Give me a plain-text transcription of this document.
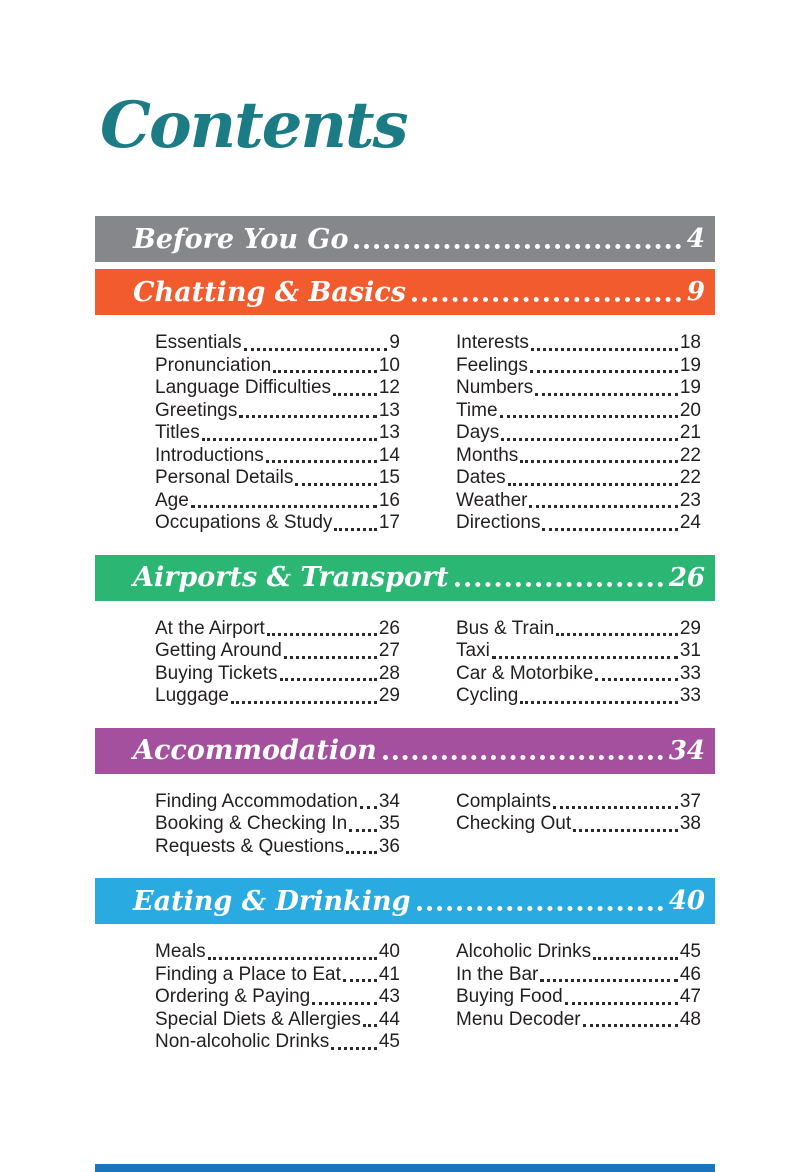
Contents
Before You Go	4
Chatting & Basics	9
Essentials	9
Pronunciation	10
Language Difficulties	12
Greetings	13
Titles	13
Introductions	14
Personal Details	15
Age	16
Occupations & Study 17
Interests	18
Feelings	19
Numbers	19
Time	20
Days	21
Months	22
Dates	22
Weather	23
Directions	24
Airports & Transport	26
At the Airport	26
Getting Around	27
Buying Tickets	28
Luggage	29
Bus & Train	29
Taxi	31
Car & Motorbike	33
Cycling	33
Accommodation	34
Finding Accommodation 34
Booking & Checking In 35
Requests & Questions 36
Complaints	37
Checking Out	38
Eating & Drinking	40
Meals	40
Finding a Place to Eat 41
Ordering & Paying	43
Special Diets & Allergies 44
Non-alcoholic Drinks	45
Alcoholic Drinks	45
In the Bar	46
Buying Food	47
Menu Decoder	48
